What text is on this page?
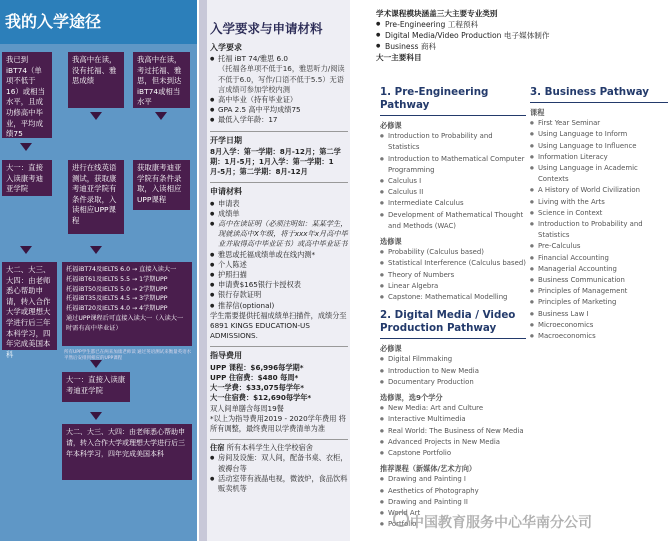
我的入学途径
我已到 iBT74（单项不低于16）或相当水平，且成功修高中毕业，平均成绩75
我高中在读，没有托福、雅思成绩
我高中在读，考过托福、雅思，但未到达iBT74或相当水平
大一：直接入读康考迪亚学院
进行在线英语测试，获取康考迪亚学院有条件录取，入读相应UPP课程
获取康考迪亚学院有条件录取，入读相应UPP课程
大二、大三、大四：由老师悉心帮助申请，转入合作大学或理想大学进行后三年本科学习，四年完成美国本科
托福iBT74及IELTS 6.0 → 直接入读大一
托福iBT61及IELTS 5.5 → 1学期UPP
托福iBT50及IELTS 5.0 → 2学期UPP
托福iBT35及IELTS 4.5 → 3学期UPP
托福iBT20及IELTS 4.0 → 4学期UPP
通过UPP课程后可直接入读大一（入读大一时需有高中毕业证）
所有UPP学生都已在两来加康老师读 通过英语测试来衡量英语水平然后安排到相应的UPP课程
大一：直接入读康考迪亚学院
大二、大三、大四：由老师悉心帮助申请，转入合作大学或理想大学进行后三年本科学习，四年完成美国本科
入学要求与申请材料
入学要求
● 托福 iBT 74/雅思 6.0
（托福各单项不低于16，雅思听力/阅读不低于6.0，写作/口语不低于5.5）无语言成绩可参加学校内测
● 高中毕业（持有毕业证）
● GPA 2.5 高中平均成绩75
● 最低入学年龄：17
开学日期

8月入学：第一学期：8月-12月；第二学期：1月-5月；1月入学：第一学期：1月-5月；第二学期：8月-12月

申请材料
● 申请表
● 成绩单
● 高中在读证明（必须注明如：某某学生，现就读高中X年级，将于xxx年x月高中毕业并取得高中毕业证书）或高中毕业证书
● 雅思或托福成绩单或在线内测*
● 个人陈述
● 护照扫描
● 申请费$165银行卡授权表
● 银行存款证明
● 推荐信(optional)

学生需要提供托福成绩单扫描件，成绩分至6891 KINGS EDUCATION-US ADMISSIONS.

指导费用

UPP 课程：$6,996每学期*

UPP 住宿费：$480 每周*

大一学费：$33,075每学年*

大一住宿费：$12,690每学年*

双人间单膳含每周19餐

*以上为指导费用2019 - 2020学年费用 将所有调整，最终费用以学费清单为准

住宿 所有本科学生入住学校宿舍

● 房间及设施：双人间，配备书桌、衣柜，被褥台等
● 活动室带有液晶电视，微波炉，食品饮料贩卖机等
学术课程模块涵盖三大主要专业类别
● Pre-Engineering 工程预科
● Digital Media/Video Production 电子媒体制作
● Business 商科
大一主要科目
1. Pre-Engineering Pathway
必修课
● Introduction to Probability and Statistics
● Introduction to Mathematical Computer Programming
● Calculus I
● Calculus II
● Intermediate Calculus
● Development of Mathematical Thought and Methods (WAC)
选修课
● Probability (Calculus based)
● Statistical Interference (Calculus based)
● Theory of Numbers
● Linear Algebra
● Capstone: Mathematical Modelling
2. Digital Media / Video Production Pathway
必修课
● Digital Filmmaking
● Introduction to New Media
● Documentary Production
选修课，选9个学分
● New Media: Art and Culture
● Interactive Multimedia
● Real World: The Business of New Media
● Advanced Projects in New Media
● Capstone Portfolio
推荐课程（新媒体/艺术方向）
● Drawing and Painting I
● Aesthetics of Photography
● Drawing and Painting II
● World Art
● Portfolio
3. Business Pathway
课程
● First Year Seminar
● Using Language to Inform
● Using Language to Influence
● Information Literacy
● Using Language in Academic Contexts
● A History of World Civilization
● Living with the Arts
● Science in Context
● Introduction to Probability and Statistics
● Pre-Calculus
● Financial Accounting
● Managerial Accounting
● Business Communication
● Principles of Management
● Principles of Marketing
● Business Law I
● Microeconomics
● Macroeconomics
中国教育服务中心华南分公司
